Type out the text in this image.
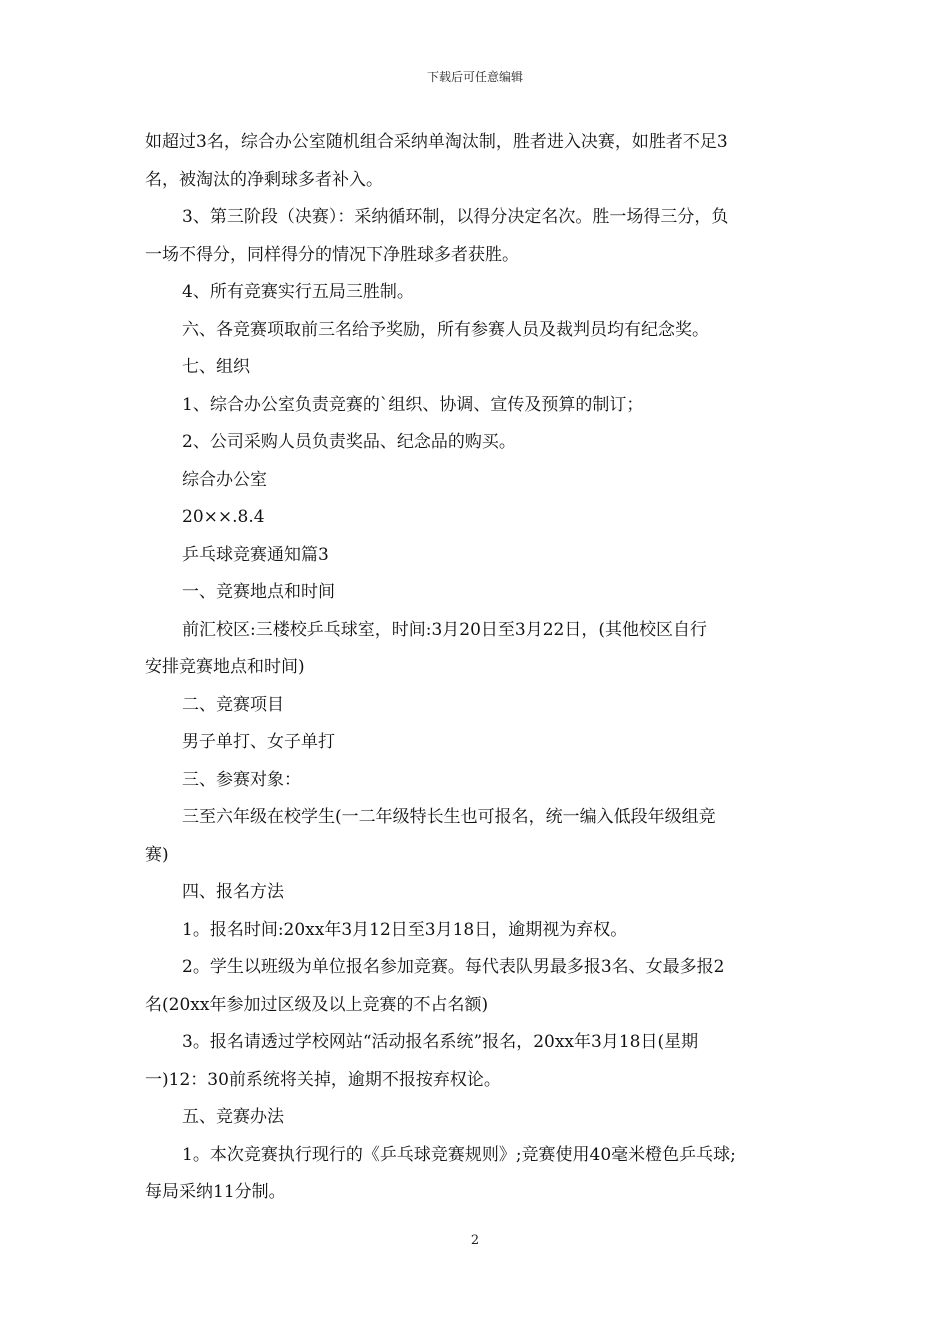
下载后可任意编辑

如超过3名，综合办公室随机组合采纳单淘汰制，胜者进入决赛，如胜者不足3

名，被淘汰的净剩球多者补入。

3、第三阶段（决赛）：采纳循环制，以得分决定名次。胜一场得三分，负

一场不得分，同样得分的情况下净胜球多者获胜。

4、所有竞赛实行五局三胜制。

六、各竞赛项取前三名给予奖励，所有参赛人员及裁判员均有纪念奖。

七、组织

1、综合办公室负责竞赛的`组织、协调、宣传及预算的制订；

2、公司采购人员负责奖品、纪念品的购买。

综合办公室

20××.8.4

乒乓球竞赛通知篇3

一、竞赛地点和时间

前汇校区:三楼校乒乓球室，时间:3月20日至3月22日，(其他校区自行

安排竞赛地点和时间)

二、竞赛项目

男子单打、女子单打

三、参赛对象：

三至六年级在校学生(一二年级特长生也可报名，统一编入低段年级组竞

赛)

四、报名方法

1。报名时间:20xx年3月12日至3月18日，逾期视为弃权。

2。学生以班级为单位报名参加竞赛。每代表队男最多报3名、女最多报2

名(20xx年参加过区级及以上竞赛的不占名额)

3。报名请透过学校网站“活动报名系统”报名，20xx年3月18日(星期

一)12：30前系统将关掉，逾期不报按弃权论。

五、竞赛办法

1。本次竞赛执行现行的《乒乓球竞赛规则》;竞赛使用40毫米橙色乒乓球;

每局采纳11分制。

2
